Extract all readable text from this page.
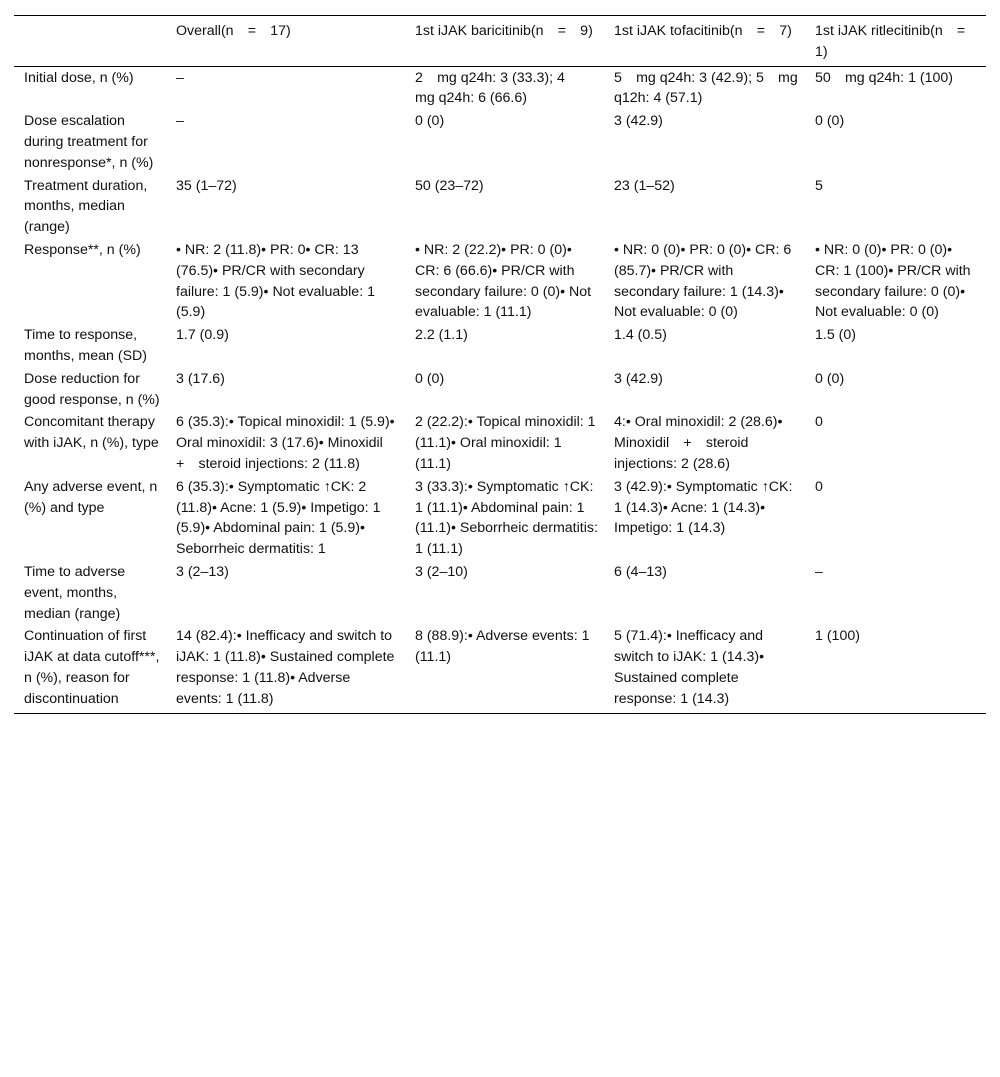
	Overall(n = 17)	1st iJAK baricitinib(n = 9)	1st iJAK tofacitinib(n = 7)	1st iJAK ritlecitinib(n = 1)
Initial dose, n (%)	–	2 mg q24h: 3 (33.3); 4 mg q24h: 6 (66.6)	5 mg q24h: 3 (42.9); 5 mg q12h: 4 (57.1)	50 mg q24h: 1 (100)
Dose escalation during treatment for nonresponse*, n (%)	–	0 (0)	3 (42.9)	0 (0)
Treatment duration, months, median (range)	35 (1–72)	50 (23–72)	23 (1–52)	5
Response**, n (%)	• NR: 2 (11.8)• PR: 0• CR: 13 (76.5)• PR/CR with secondary failure: 1 (5.9)• Not evaluable: 1 (5.9)	• NR: 2 (22.2)• PR: 0 (0)• CR: 6 (66.6)• PR/CR with secondary failure: 0 (0)• Not evaluable: 1 (11.1)	• NR: 0 (0)• PR: 0 (0)• CR: 6 (85.7)• PR/CR with secondary failure: 1 (14.3)• Not evaluable: 0 (0)	• NR: 0 (0)• PR: 0 (0)• CR: 1 (100)• PR/CR with secondary failure: 0 (0)• Not evaluable: 0 (0)
Time to response, months, mean (SD)	1.7 (0.9)	2.2 (1.1)	1.4 (0.5)	1.5 (0)
Dose reduction for good response, n (%)	3 (17.6)	0 (0)	3 (42.9)	0 (0)
Concomitant therapy with iJAK, n (%), type	6 (35.3):• Topical minoxidil: 1 (5.9)• Oral minoxidil: 3 (17.6)• Minoxidil + steroid injections: 2 (11.8)	2 (22.2):• Topical minoxidil: 1 (11.1)• Oral minoxidil: 1 (11.1)	4:• Oral minoxidil: 2 (28.6)• Minoxidil + steroid injections: 2 (28.6)	0
Any adverse event, n (%) and type	6 (35.3):• Symptomatic ↑CK: 2 (11.8)• Acne: 1 (5.9)• Impetigo: 1 (5.9)• Abdominal pain: 1 (5.9)• Seborrheic dermatitis: 1	3 (33.3):• Symptomatic ↑CK: 1 (11.1)• Abdominal pain: 1 (11.1)• Seborrheic dermatitis: 1 (11.1)	3 (42.9):• Symptomatic ↑CK: 1 (14.3)• Acne: 1 (14.3)• Impetigo: 1 (14.3)	0
Time to adverse event, months, median (range)	3 (2–13)	3 (2–10)	6 (4–13)	–
Continuation of first iJAK at data cutoff***, n (%), reason for discontinuation	14 (82.4):• Inefficacy and switch to iJAK: 1 (11.8)• Sustained complete response: 1 (11.8)• Adverse events: 1 (11.8)	8 (88.9):• Adverse events: 1 (11.1)	5 (71.4):• Inefficacy and switch to iJAK: 1 (14.3)• Sustained complete response: 1 (14.3)	1 (100)
